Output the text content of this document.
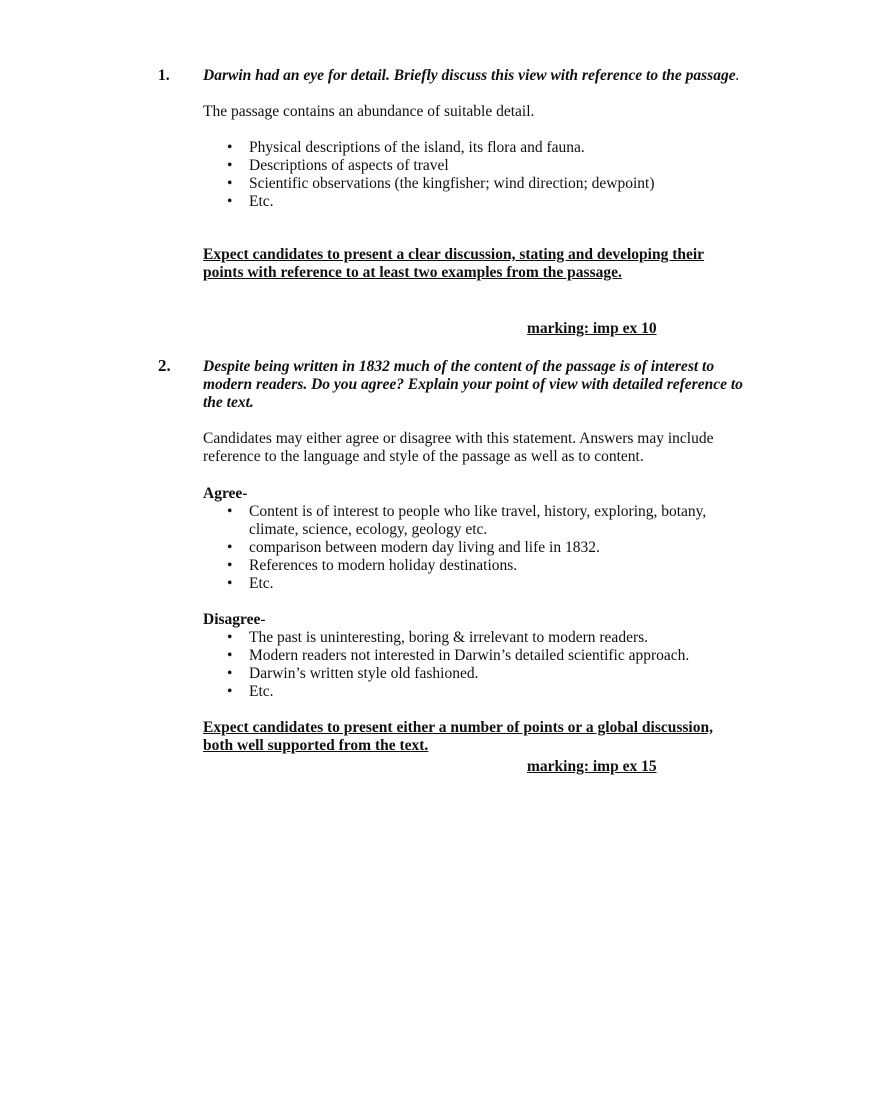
1. Darwin had an eye for detail. Briefly discuss this view with reference to the passage.

The passage contains an abundance of suitable detail.

• Physical descriptions of the island, its flora and fauna.
• Descriptions of aspects of travel
• Scientific observations (the kingfisher; wind direction; dewpoint)
• Etc.

Expect candidates to present a clear discussion, stating and developing their points with reference to at least two examples from the passage.

marking: imp ex 10
2. Despite being written in 1832 much of the content of the passage is of interest to modern readers. Do you agree? Explain your point of view with detailed reference to the text.

Candidates may either agree or disagree with this statement. Answers may include reference to the language and style of the passage as well as to content.

Agree-

• Content is of interest to people who like travel, history, exploring, botany, climate, science, ecology, geology etc.
• comparison between modern day living and life in 1832.
• References to modern holiday destinations.
• Etc.

Disagree-

• The past is uninteresting, boring & irrelevant to modern readers.
• Modern readers not interested in Darwin’s detailed scientific approach.
• Darwin’s written style old fashioned.
• Etc.

Expect candidates to present either a number of points or a global discussion, both well supported from the text.

marking: imp ex 15
